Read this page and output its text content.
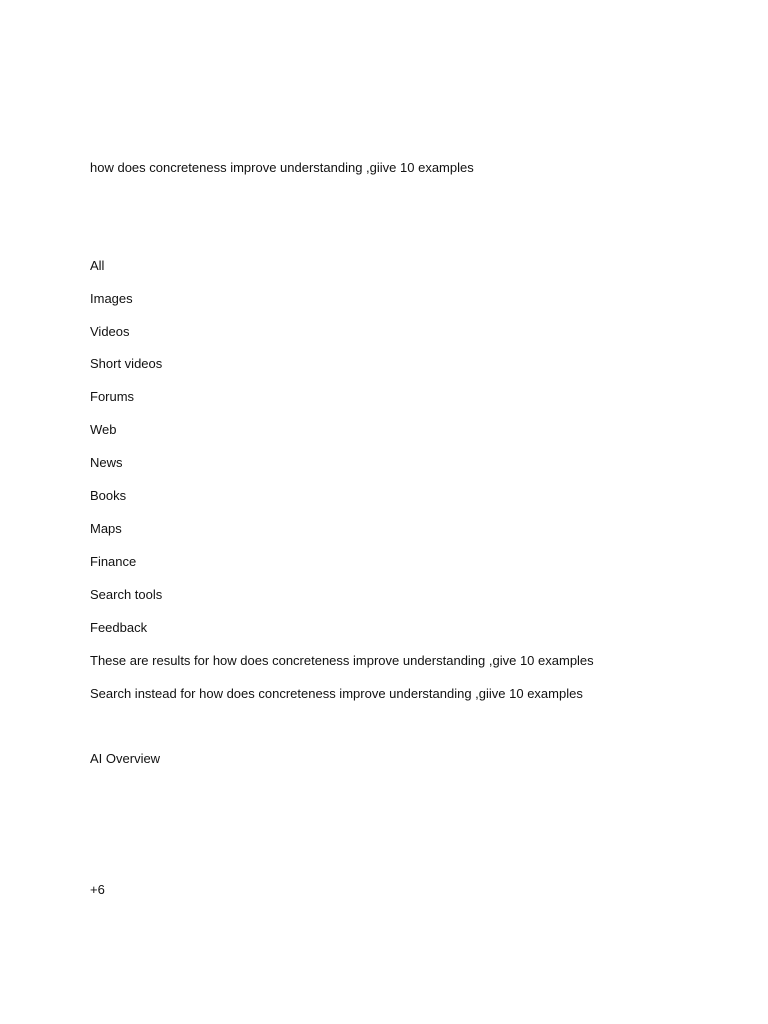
how does concreteness improve understanding ,giive 10 examples
All
Images
Videos
Short videos
Forums
Web
News
Books
Maps
Finance
Search tools
Feedback
These are results for how does concreteness improve understanding ,give 10 examples
Search instead for how does concreteness improve understanding ,giive 10 examples
AI Overview
+6
